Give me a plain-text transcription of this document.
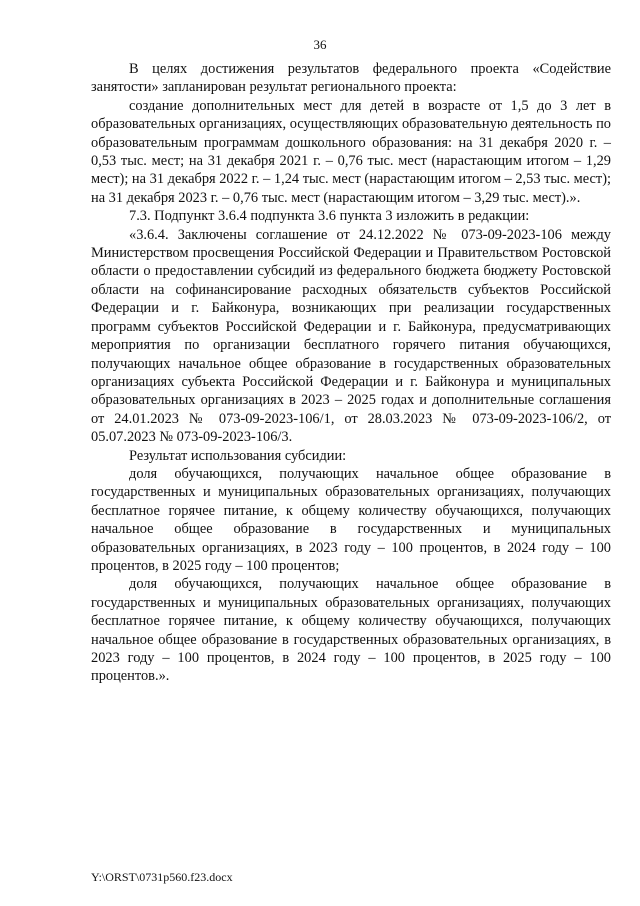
36

В целях достижения результатов федерального проекта «Содействие занятости» запланирован результат регионального проекта:

создание дополнительных мест для детей в возрасте от 1,5 до 3 лет в образовательных организациях, осуществляющих образовательную деятельность по образовательным программам дошкольного образования: на 31 декабря 2020 г. – 0,53 тыс. мест; на 31 декабря 2021 г. – 0,76 тыс. мест (нарастающим итогом – 1,29 мест); на 31 декабря 2022 г. – 1,24 тыс. мест (нарастающим итогом – 2,53 тыс. мест); на 31 декабря 2023 г. – 0,76 тыс. мест (нарастающим итогом – 3,29 тыс. мест).».

7.3. Подпункт 3.6.4 подпункта 3.6 пункта 3 изложить в редакции:

«3.6.4. Заключены соглашение от 24.12.2022 № 073-09-2023-106 между Министерством просвещения Российской Федерации и Правительством Ростовской области о предоставлении субсидий из федерального бюджета бюджету Ростовской области на софинансирование расходных обязательств субъектов Российской Федерации и г. Байконура, возникающих при реализации государственных программ субъектов Российской Федерации и г. Байконура, предусматривающих мероприятия по организации бесплатного горячего питания обучающихся, получающих начальное общее образование в государственных образовательных организациях субъекта Российской Федерации и г. Байконура и муниципальных образовательных организациях в 2023 – 2025 годах и дополнительные соглашения от 24.01.2023 № 073-09-2023-106/1, от 28.03.2023 № 073-09-2023-106/2, от 05.07.2023 № 073-09-2023-106/3.

Результат использования субсидии:

доля обучающихся, получающих начальное общее образование в государственных и муниципальных образовательных организациях, получающих бесплатное горячее питание, к общему количеству обучающихся, получающих начальное общее образование в государственных и муниципальных образовательных организациях, в 2023 году – 100 процентов, в 2024 году – 100 процентов, в 2025 году – 100 процентов;

доля обучающихся, получающих начальное общее образование в государственных и муниципальных образовательных организациях, получающих бесплатное горячее питание, к общему количеству обучающихся, получающих начальное общее образование в государственных образовательных организациях, в 2023 году – 100 процентов, в 2024 году – 100 процентов, в 2025 году – 100 процентов.».

Y:\ORST\0731p560.f23.docx
